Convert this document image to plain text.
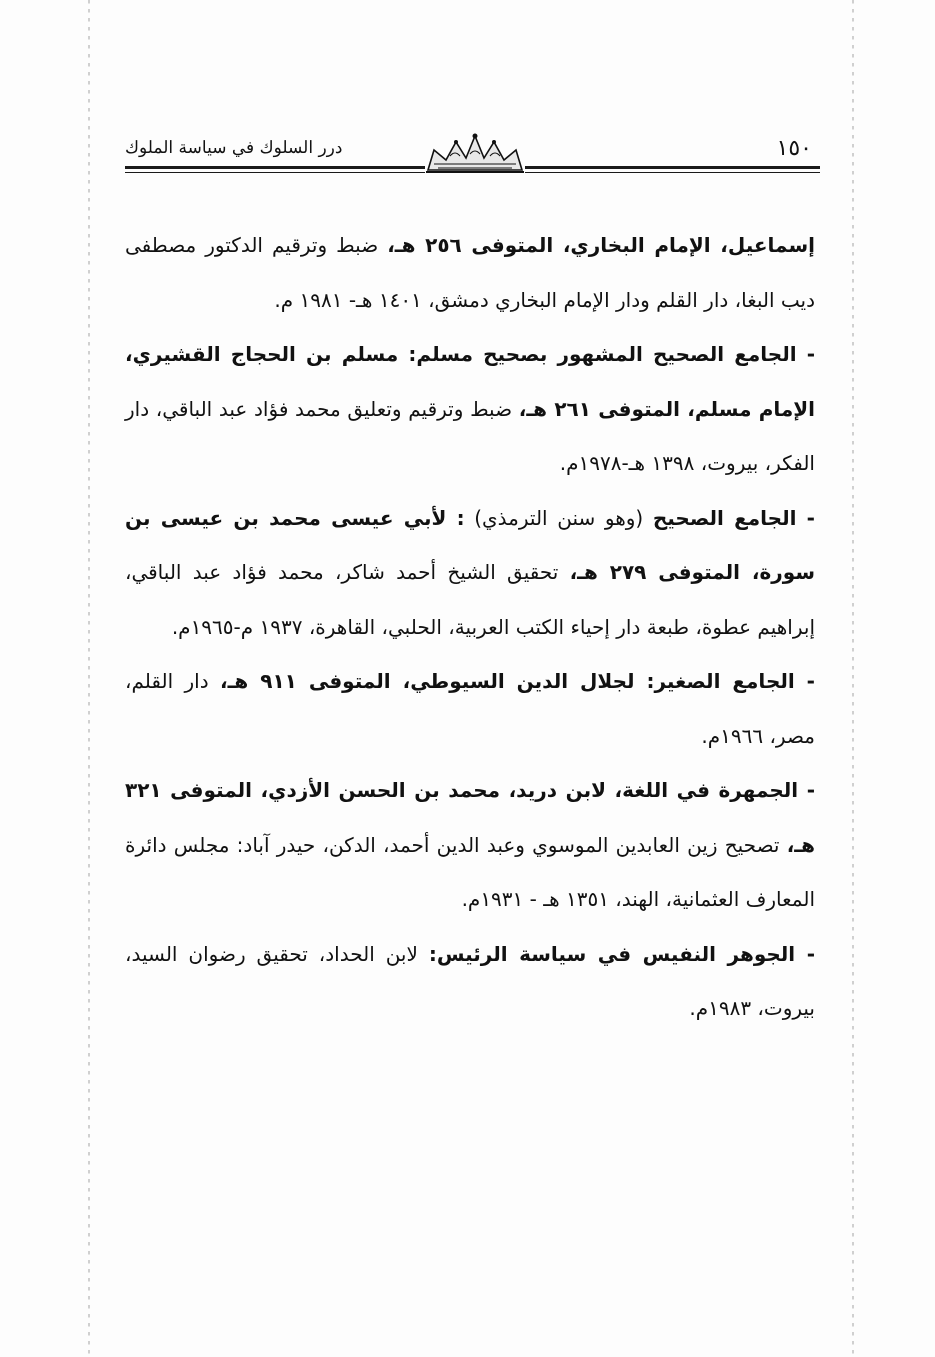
درر السلوك في سياسة الملوك	١٥٠

إسماعيل، الإمام البخاري، المتوفى ٢٥٦ هـ، ضبط وترقيم الدكتور مصطفى ديب البغا، دار القلم ودار الإمام البخاري دمشق، ١٤٠١ هـ- ١٩٨١ م.

- الجامع الصحيح المشهور بصحيح مسلم: مسلم بن الحجاج القشيري، الإمام مسلم، المتوفى ٢٦١ هـ، ضبط وترقيم وتعليق محمد فؤاد عبد الباقي، دار الفكر، بيروت، ١٣٩٨ هـ-١٩٧٨م.

- الجامع الصحيح (وهو سنن الترمذي) : لأبي عيسى محمد بن عيسى بن سورة، المتوفى ٢٧٩ هـ، تحقيق الشيخ أحمد شاكر، محمد فؤاد عبد الباقي، إبراهيم عطوة، طبعة دار إحياء الكتب العربية، الحلبي، القاهرة، ١٩٣٧ م-١٩٦٥م.

- الجامع الصغير: لجلال الدين السيوطي، المتوفى ٩١١ هـ، دار القلم، مصر، ١٩٦٦م.

- الجمهرة في اللغة، لابن دريد، محمد بن الحسن الأزدي، المتوفى ٣٢١ هـ، تصحيح زين العابدين الموسوي وعبد الدين أحمد، الدكن، حيدر آباد: مجلس دائرة المعارف العثمانية، الهند، ١٣٥١ هـ - ١٩٣١م.

- الجوهر النفيس في سياسة الرئيس: لابن الحداد، تحقيق رضوان السيد، بيروت، ١٩٨٣م.
